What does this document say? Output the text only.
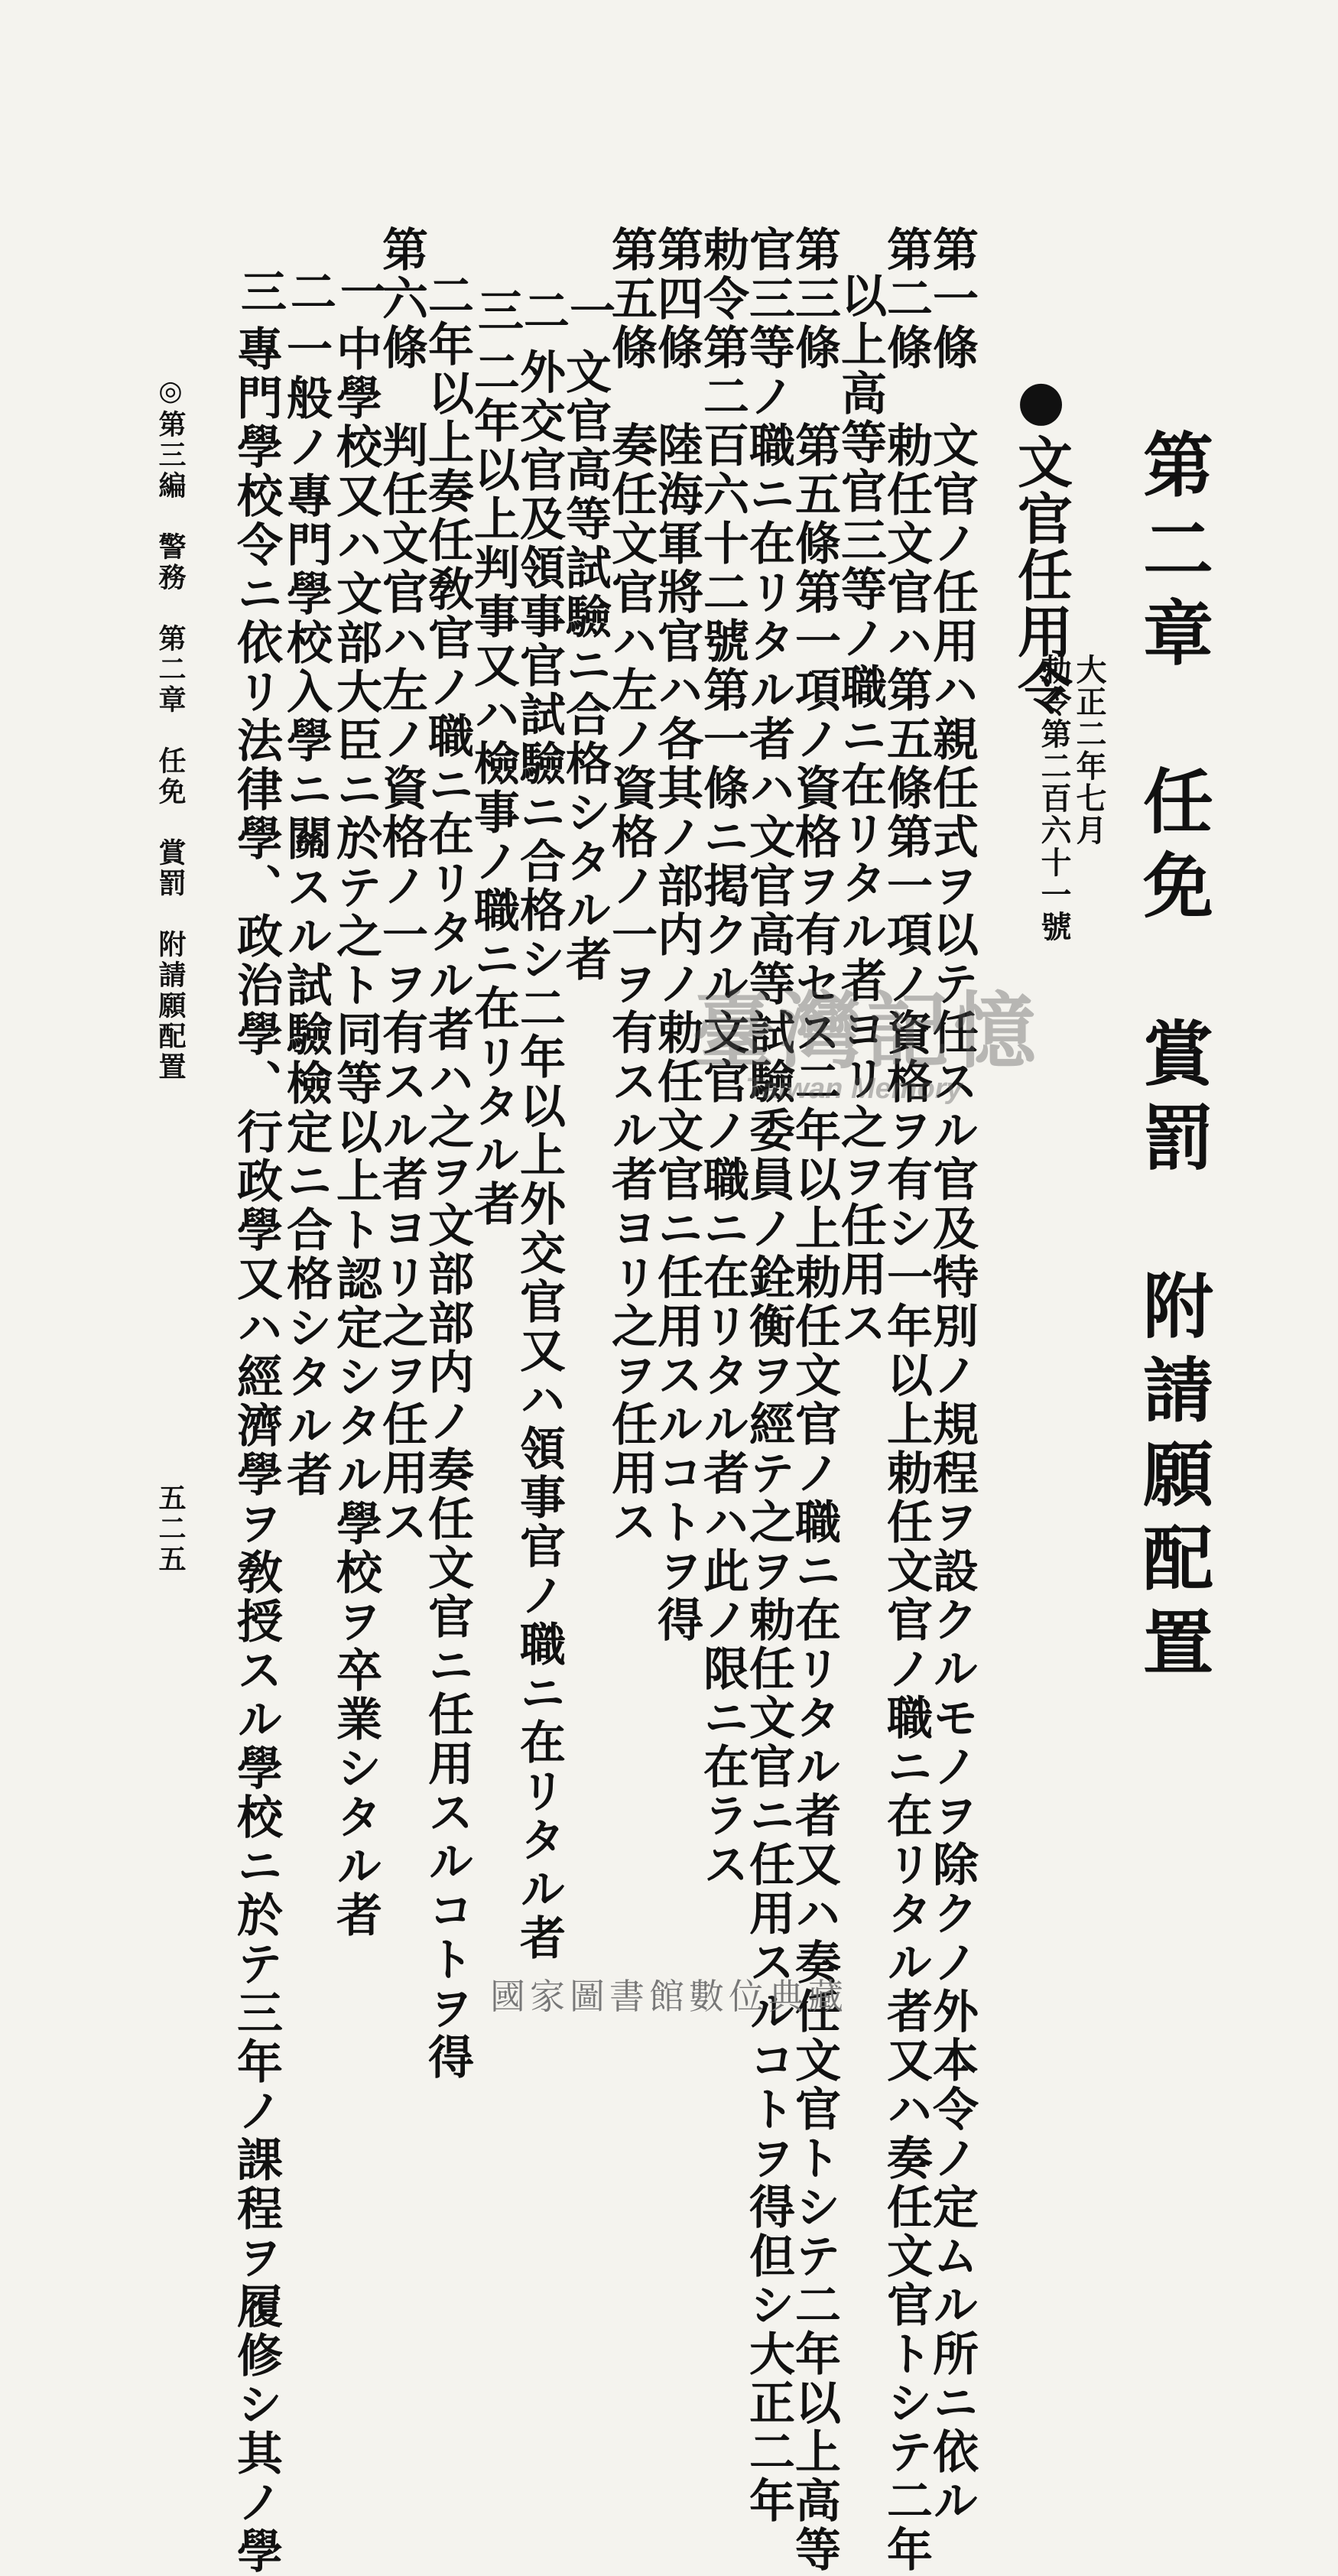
第二章　任免　賞罰　附請願配置
●文官任用令
大正二年七月
勅令第二百六十一號
第一條　文官ノ任用ハ親任式ヲ以テ任スル官及特別ノ規程ヲ設クルモノヲ除クノ外本令ノ定ムル所ニ依ル
第二條　勅任文官ハ第五條第一項ノ資格ヲ有シ一年以上勅任文官ノ職ニ在リタル者又ハ奏任文官トシテ二年
以上高等官三等ノ職ニ在リタル者ヨリ之ヲ任用ス
第三條　第五條第一項ノ資格ヲ有セス二年以上勅任文官ノ職ニ在リタル者又ハ奏任文官トシテ二年以上高等
官三等ノ職ニ在リタル者ハ文官高等試驗委員ノ銓衡ヲ經テ之ヲ勅任文官ニ任用スルコトヲ得但シ大正二年
勅令第二百六十二號第一條ニ掲クル文官ノ職ニ在リタル者ハ此ノ限ニ在ラス
第四條　陸海軍將官ハ各其ノ部内ノ勅任文官ニ任用スルコトヲ得
第五條　奏任文官ハ左ノ資格ノ一ヲ有スル者ヨリ之ヲ任用ス
一
文官高等試驗ニ合格シタル者
二
外交官及領事官試驗ニ合格シ二年以上外交官又ハ領事官ノ職ニ在リタル者
三
二年以上判事又ハ檢事ノ職ニ在リタル者
二年以上奏任敎官ノ職ニ在リタル者ハ之ヲ文部部内ノ奏任文官ニ任用スルコトヲ得
第六條　判任文官ハ左ノ資格ノ一ヲ有スル者ヨリ之ヲ任用ス
一
中學校又ハ文部大臣ニ於テ之ト同等以上ト認定シタル學校ヲ卒業シタル者
二
一般ノ專門學校入學ニ關スル試驗檢定ニ合格シタル者
三
專門學校令ニ依リ法律學、政治學、行政學又ハ經濟學ヲ敎授スル學校ニ於テ三年ノ課程ヲ履修シ其ノ學
◎第三編　警務　第二章　任免　賞罰　附請願配置
五二五
臺灣記憶
Taiwan Memory
國家圖書館數位典藏
